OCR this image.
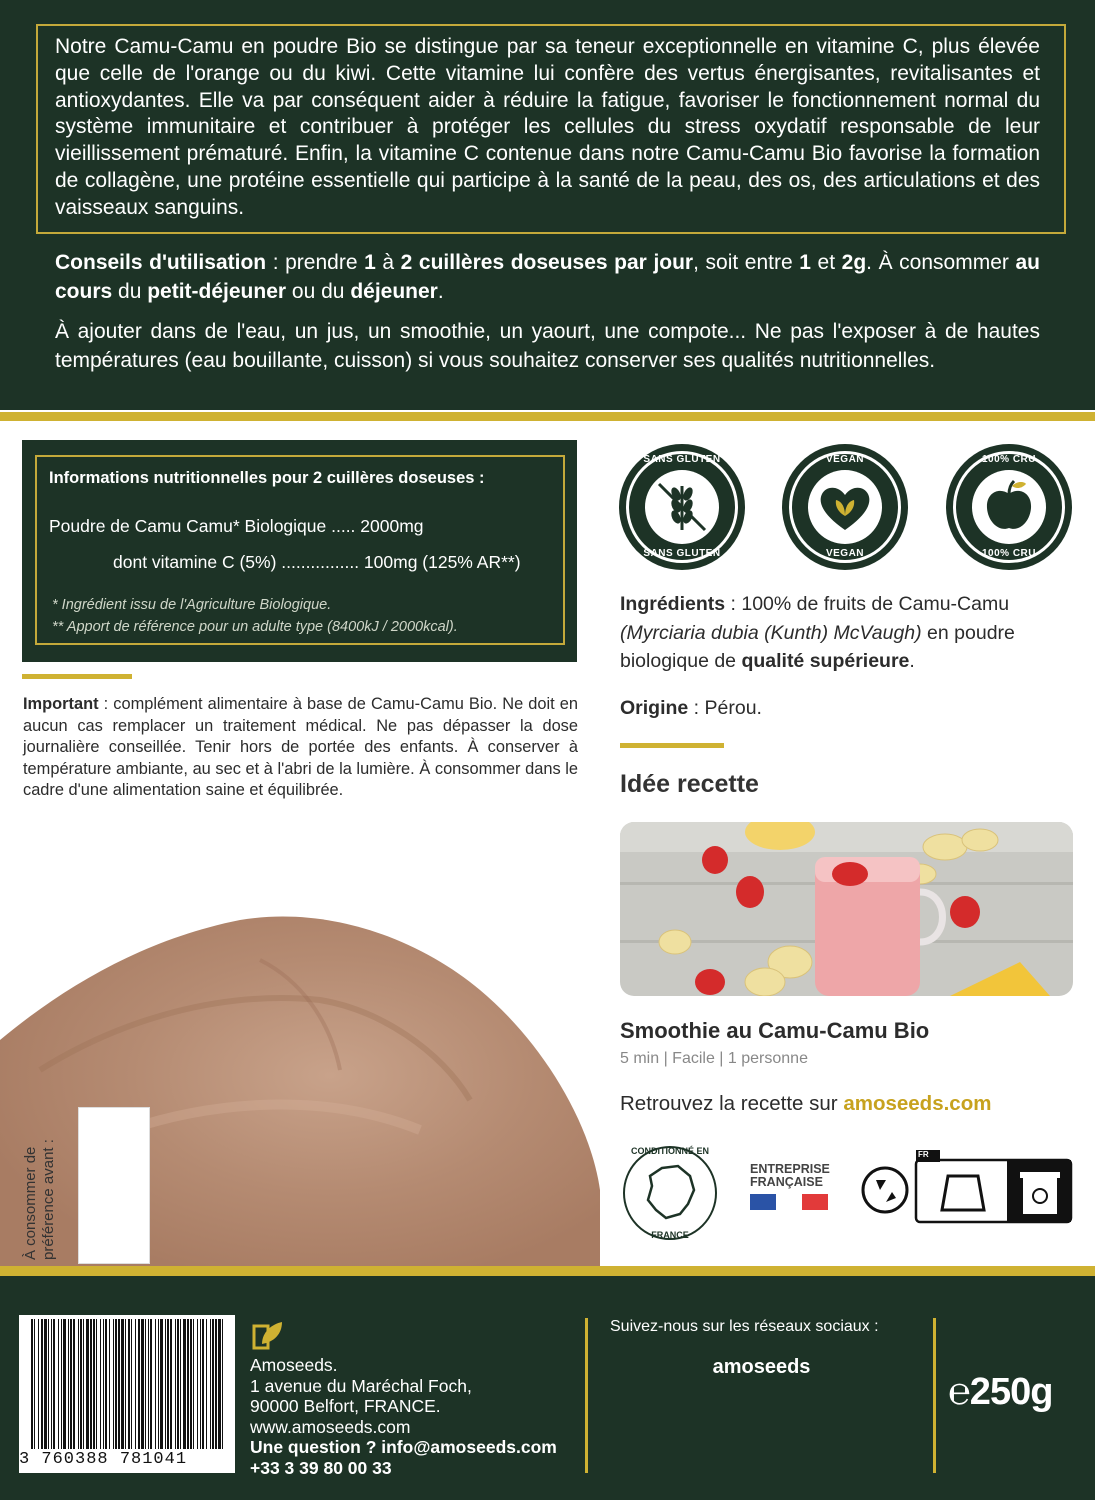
Notre Camu-Camu en poudre Bio se distingue par sa teneur exceptionnelle en vitamine C, plus élevée que celle de l'orange ou du kiwi. Cette vitamine lui confère des vertus énergisantes, revitalisantes et antioxydantes. Elle va par conséquent aider à réduire la fatigue, favoriser le fonctionnement normal du système immunitaire et contribuer à protéger les cellules du stress oxydatif responsable de leur vieillissement prématuré. Enfin, la vitamine C contenue dans notre Camu-Camu Bio favorise la formation de collagène, une protéine essentielle qui participe à la santé de la peau, des os, des articulations et des vaisseaux sanguins.
Conseils d'utilisation : prendre 1 à 2 cuillères doseuses par jour, soit entre 1 et 2g. À consommer au cours du petit-déjeuner ou du déjeuner.
À ajouter dans de l'eau, un jus, un smoothie, un yaourt, une compote... Ne pas l'exposer à de hautes températures (eau bouillante, cuisson) si vous souhaitez conserver ses qualités nutritionnelles.
Informations nutritionnelles pour 2 cuillères doseuses :
Poudre de Camu Camu* Biologique ..... 2000mg
dont vitamine C (5%) ................ 100mg (125% AR**)
* Ingrédient issu de l'Agriculture Biologique.
** Apport de référence pour un adulte type (8400kJ / 2000kcal).
Important : complément alimentaire à base de Camu-Camu Bio. Ne doit en aucun cas remplacer un traitement médical. Ne pas dépasser la dose journalière conseillée. Tenir hors de portée des enfants. À conserver à température ambiante, au sec et à l'abri de la lumière. À consommer dans le cadre d'une alimentation saine et équilibrée.
À consommer de préférence avant :
SANS GLUTEN
SANS GLUTEN
VEGAN
VEGAN
100% CRU
100% CRU
Ingrédients : 100% de fruits de Camu-Camu (Myrciaria dubia (Kunth) McVaugh) en poudre biologique de qualité supérieure.
Origine : Pérou.
Idée recette
Smoothie au Camu-Camu Bio
5 min | Facile | 1 personne
Retrouvez la recette sur amoseeds.com
CONDITIONNÉ EN
FRANCE
ENTREPRISE
FRANÇAISE
FR
3 760388 781041
Amoseeds.
1 avenue du Maréchal Foch,
90000 Belfort, FRANCE.
www.amoseeds.com
Une question ? info@amoseeds.com
+33 3 39 80 00 33
Suivez-nous sur les réseaux sociaux :
amoseeds
℮250g
